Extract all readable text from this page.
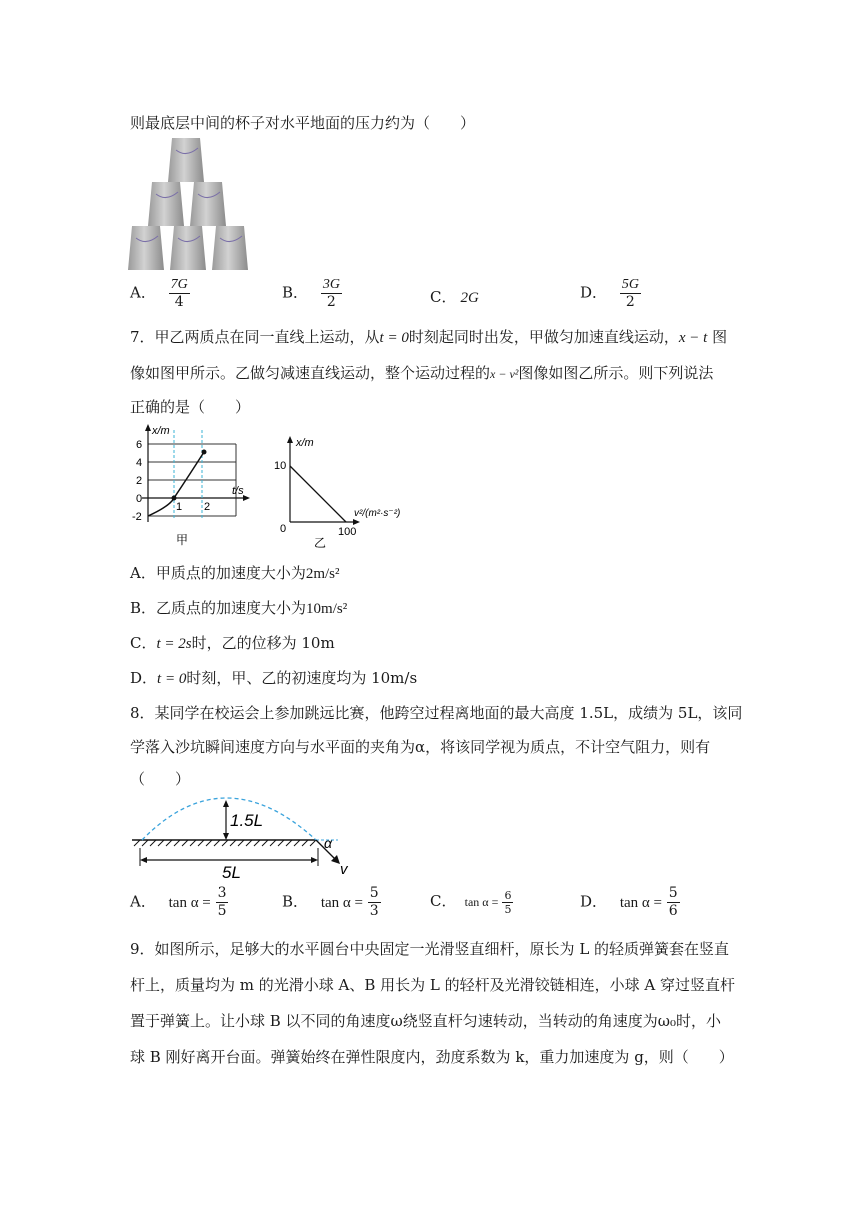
则最底层中间的杯子对水平地面的压力约为（　　）
A． $\frac{7G}{4}$	B． $\frac{3G}{2}$	C． 2G	D． $\frac{5G}{2}$
7．甲乙两质点在同一直线上运动，从t = 0时刻起同时出发，甲做匀加速直线运动，x − t 图
像如图甲所示。乙做匀减速直线运动，整个运动过程的x − v²图像如图乙所示。则下列说法
正确的是（　　）
x/m
t/s
6
4
2
0
-2
1 2
甲
x/m
v²/(m²·s⁻²)
10
0	100
乙
A．甲质点的加速度大小为2m/s²
B．乙质点的加速度大小为10m/s²
C．t = 2s时，乙的位移为 10m
D．t = 0时刻，甲、乙的初速度均为 10m/s
8．某同学在校运会上参加跳远比赛，他跨空过程离地面的最大高度 1.5L，成绩为 5L，该同
学落入沙坑瞬间速度方向与水平面的夹角为α，将该同学视为质点，不计空气阻力，则有
（　　）
1.5L
5L
α
v
A． $\tan \alpha = \frac{3}{5}$	B． $\tan \alpha = \frac{5}{3}$	C． $\tan \alpha = \frac{6}{5}$	D． $\tan \alpha = \frac{5}{6}$
9．如图所示，足够大的水平圆台中央固定一光滑竖直细杆，原长为 L 的轻质弹簧套在竖直
杆上，质量均为 m 的光滑小球 A、B 用长为 L 的轻杆及光滑铰链相连，小球 A 穿过竖直杆
置于弹簧上。让小球 B 以不同的角速度ω绕竖直杆匀速转动，当转动的角速度为ω₀时，小
球 B 刚好离开台面。弹簧始终在弹性限度内，劲度系数为 k，重力加速度为 g，则（　　）
